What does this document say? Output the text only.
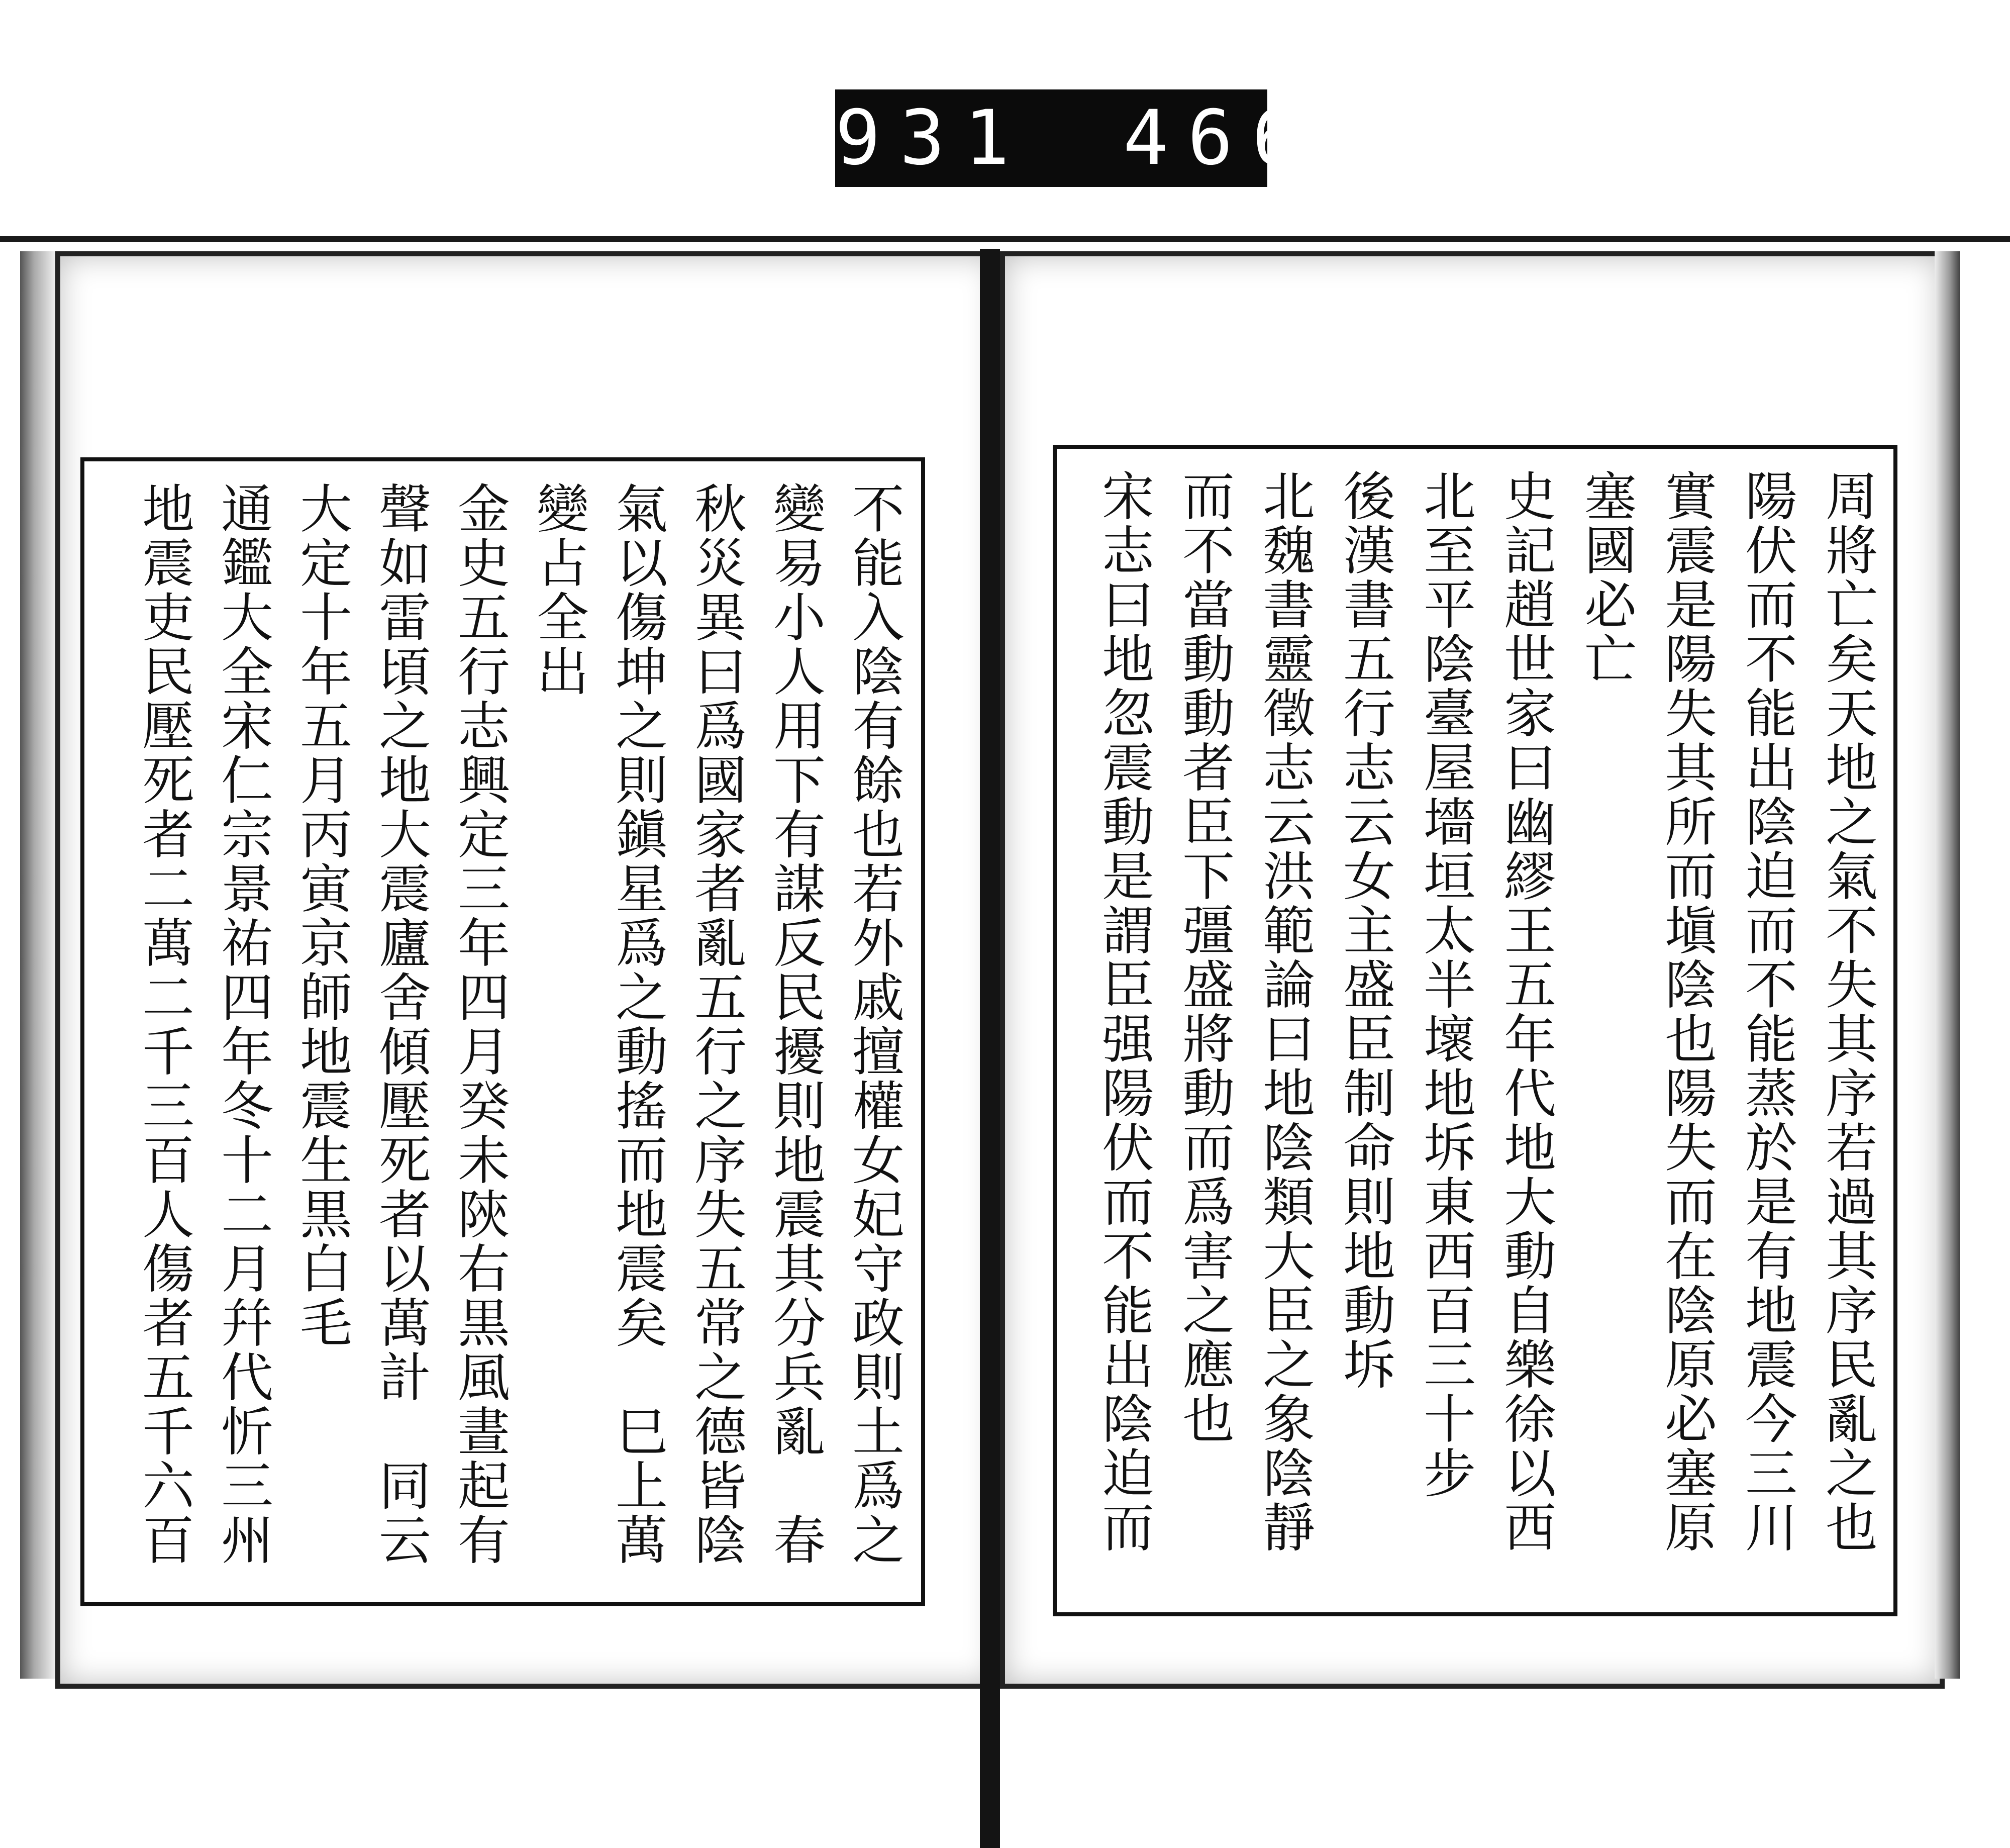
931　466.
周將亡矣天地之氣不失其序若過其序民亂之也
陽伏而不能出陰迫而不能蒸於是有地震今三川
實震是陽失其所而塡陰也陽失而在陰原必塞原
塞國必亡
史記趙世家曰幽繆王五年代地大動自樂徐以西
北至平陰臺屋墻垣太半壞地坼東西百三十步
後漢書五行志云女主盛臣制命則地動坼
北魏書靈徵志云洪範論曰地陰類大臣之象陰靜
而不當動動者臣下彊盛將動而爲害之應也
宋志曰地忽震動是謂臣强陽伏而不能出陰迫而
不能入陰有餘也若外戚擅權女妃守政則土爲之
變易小人用下有謀反民擾則地震其分兵亂　春
秋災異曰爲國家者亂五行之序失五常之德皆陰
氣以傷坤之則鎭星爲之動搖而地震矣　巳上萬
變占全出
金史五行志興定三年四月癸未陝右黒風晝起有
聲如雷頃之地大震廬舍傾壓死者以萬計　同云
大定十年五月丙寅京師地震生黒白毛
通鑑大全宋仁宗景祐四年冬十二月幷代忻三州
地震吏民壓死者二萬二千三百人傷者五千六百
